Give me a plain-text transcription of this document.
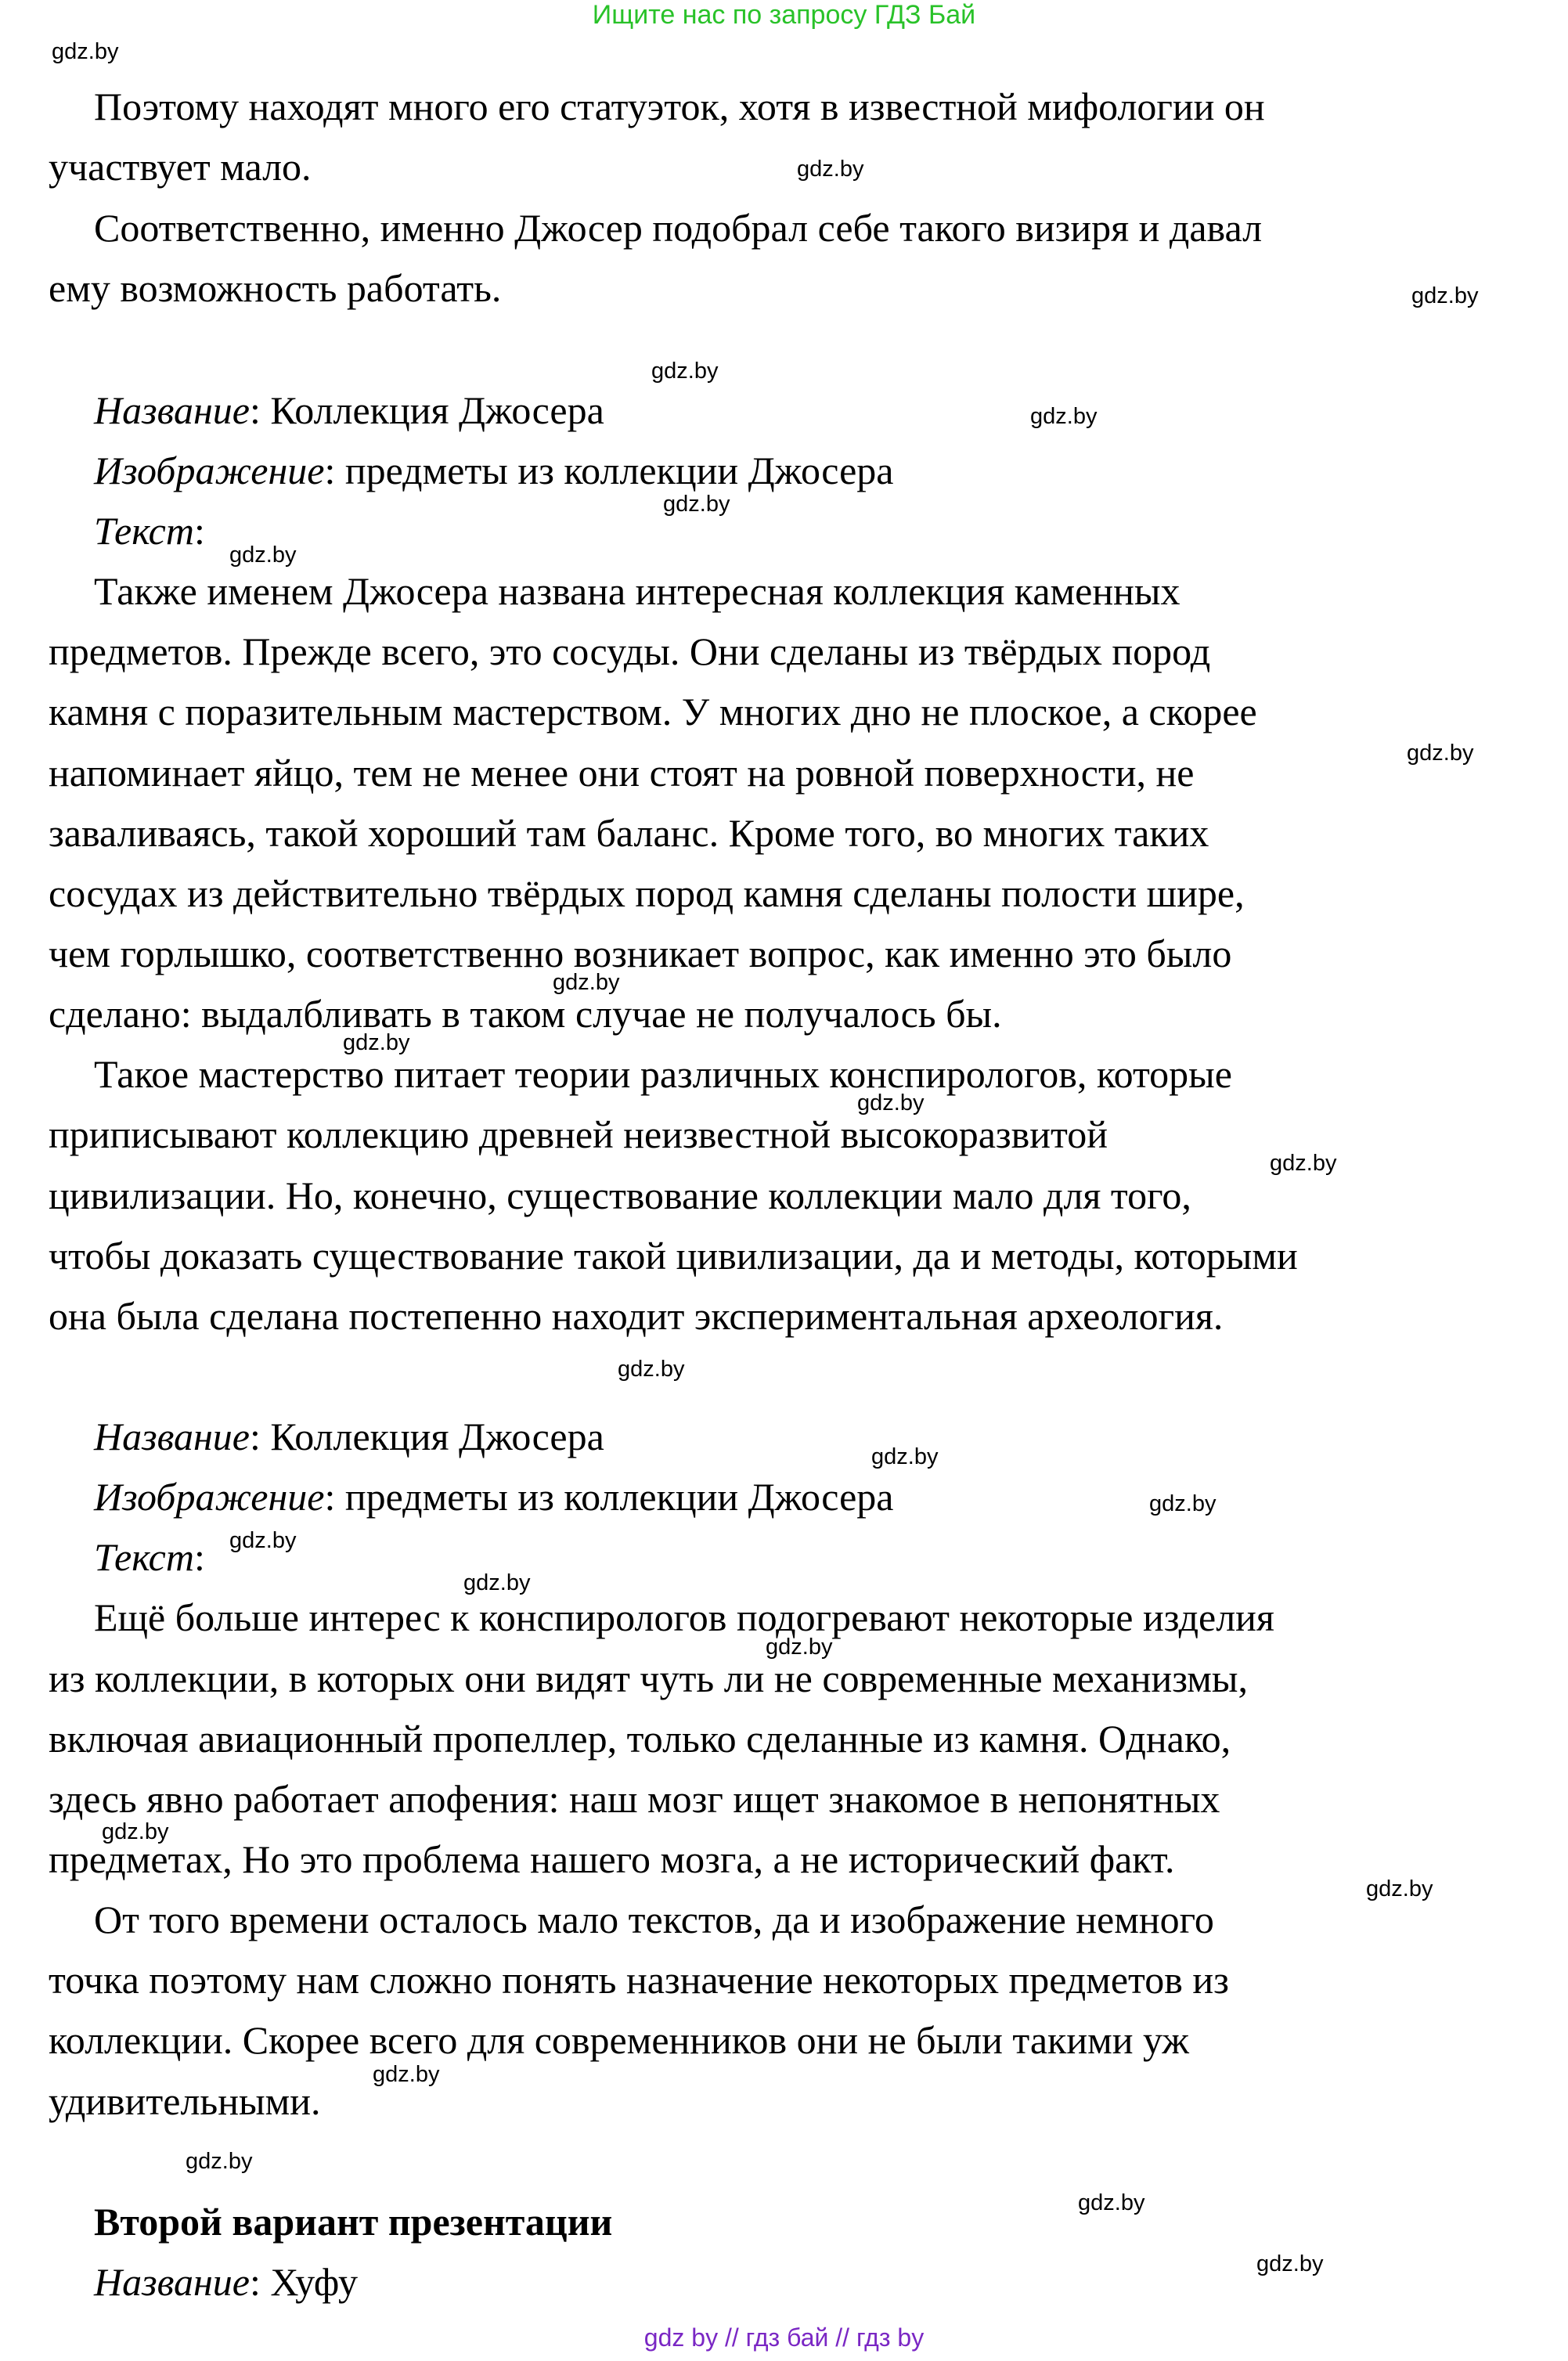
Ищите нас по запросу ГДЗ Бай
Поэтому находят много его статуэток, хотя в известной мифологии он
участвует мало.
Соответственно, именно Джосер подобрал себе такого визиря и давал
ему возможность работать.
Название: Коллекция Джосера
Изображение: предметы из коллекции Джосера
Текст:
Также именем Джосера названа интересная коллекция каменных
предметов. Прежде всего, это сосуды. Они сделаны из твёрдых пород
камня с поразительным мастерством. У многих дно не плоское, а скорее
напоминает яйцо, тем не менее они стоят на ровной поверхности, не
заваливаясь, такой хороший там баланс. Кроме того, во многих таких
сосудах из действительно твёрдых пород камня сделаны полости шире,
чем горлышко, соответственно возникает вопрос, как именно это было
сделано: выдалбливать в таком случае не получалось бы.
Такое мастерство питает теории различных конспирологов, которые
приписывают коллекцию древней неизвестной высокоразвитой
цивилизации. Но, конечно, существование коллекции мало для того,
чтобы доказать существование такой цивилизации, да и методы, которыми
она была сделана постепенно находит экспериментальная археология.
Название: Коллекция Джосера
Изображение: предметы из коллекции Джосера
Текст:
Ещё больше интерес к конспирологов подогревают некоторые изделия
из коллекции, в которых они видят чуть ли не современные механизмы,
включая авиационный пропеллер, только сделанные из камня. Однако,
здесь явно работает апофения: наш мозг ищет знакомое в непонятных
предметах, Но это проблема нашего мозга, а не исторический факт.
От того времени осталось мало текстов, да и изображение немного
точка поэтому нам сложно понять назначение некоторых предметов из
коллекции. Скорее всего для современников они не были такими уж
удивительными.
Второй вариант презентации
Название: Хуфу
gdz.by
gdz.by
gdz.by
gdz.by
gdz.by
gdz.by
gdz.by
gdz.by
gdz.by
gdz.by
gdz.by
gdz.by
gdz.by
gdz.by
gdz.by
gdz.by
gdz.by
gdz.by
gdz.by
gdz.by
gdz.by
gdz.by
gdz.by
gdz.by
gdz by // гдз бай // гдз by
